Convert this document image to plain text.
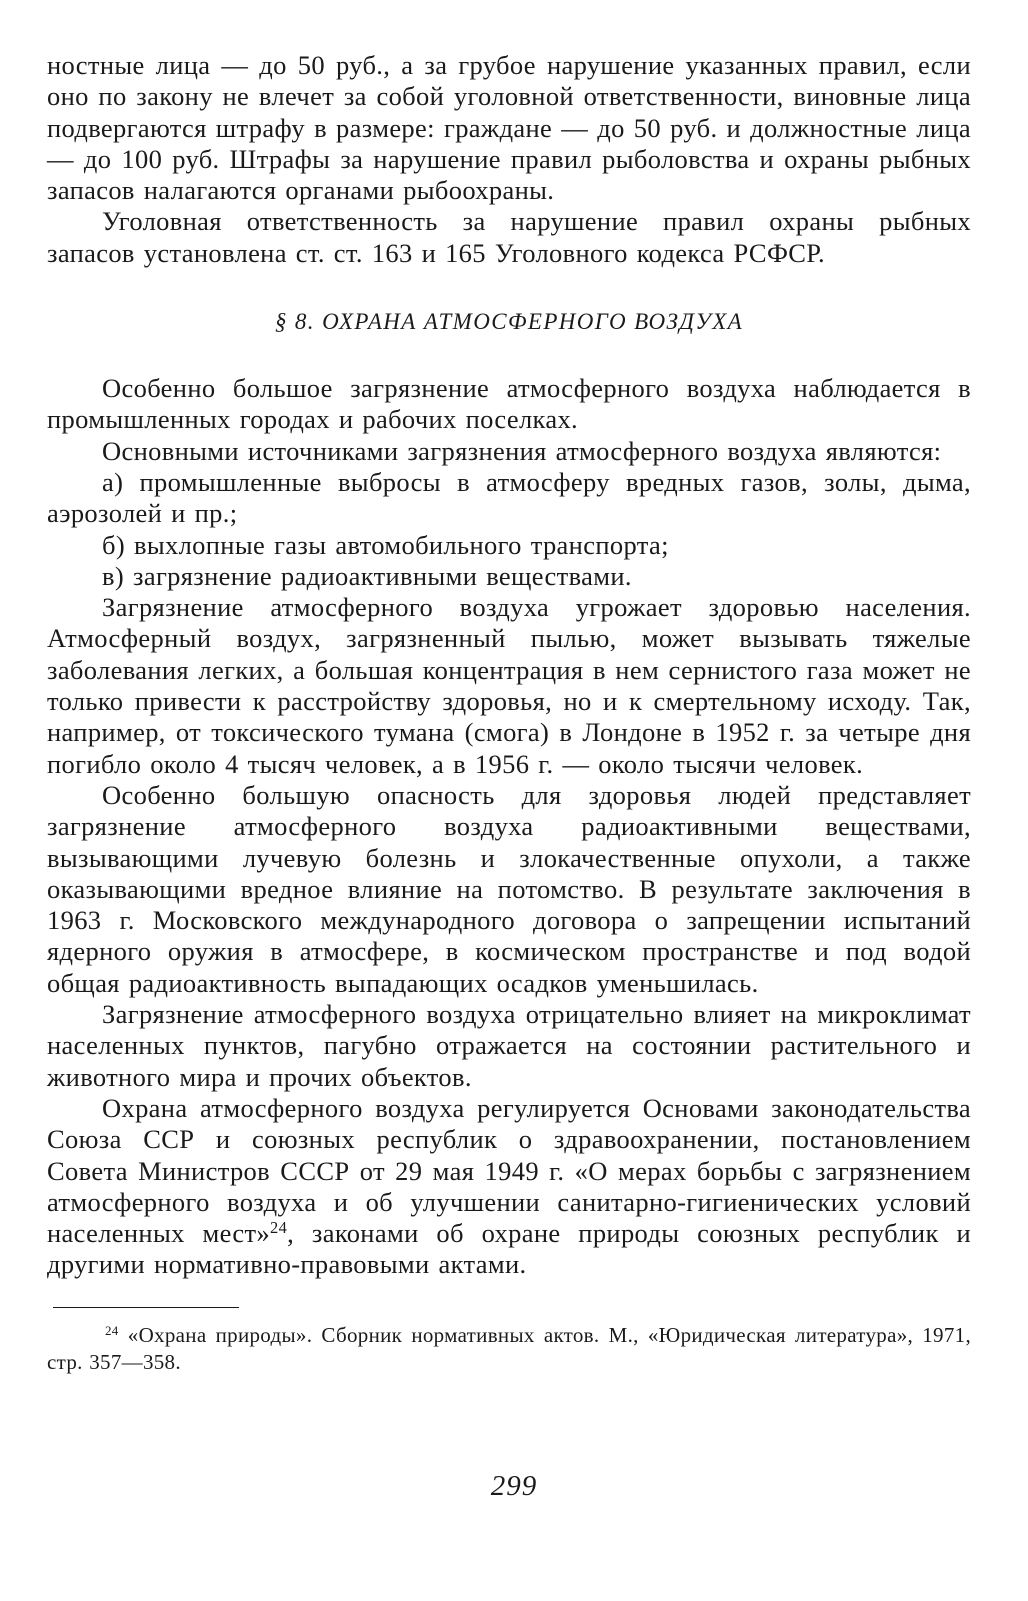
ностные лица — до 50 руб., а за грубое нарушение указанных правил, если оно по закону не влечет за собой уголовной ответственности, виновные лица подвергаются штрафу в размере: граждане — до 50 руб. и должностные лица — до 100 руб. Штрафы за нарушение правил рыболовства и охраны рыбных запасов налагаются органами рыбоохраны.

Уголовная ответственность за нарушение правил охраны рыбных запасов установлена ст. ст. 163 и 165 Уголовного кодекса РСФСР.

§ 8. ОХРАНА АТМОСФЕРНОГО ВОЗДУХА

Особенно большое загрязнение атмосферного воздуха наблюдается в промышленных городах и рабочих поселках.

Основными источниками загрязнения атмосферного воздуха являются:

а) промышленные выбросы в атмосферу вредных газов, золы, дыма, аэрозолей и пр.;

б) выхлопные газы автомобильного транспорта;

в) загрязнение радиоактивными веществами.

Загрязнение атмосферного воздуха угрожает здоровью населения. Атмосферный воздух, загрязненный пылью, может вызывать тяжелые заболевания легких, а большая концентрация в нем сернистого газа может не только привести к расстройству здоровья, но и к смертельному исходу. Так, например, от токсического тумана (смога) в Лондоне в 1952 г. за четыре дня погибло около 4 тысяч человек, а в 1956 г. — около тысячи человек.

Особенно большую опасность для здоровья людей представляет загрязнение атмосферного воздуха радиоактивными веществами, вызывающими лучевую болезнь и злокачественные опухоли, а также оказывающими вредное влияние на потомство. В результате заключения в 1963 г. Московского международного договора о запрещении испытаний ядерного оружия в атмосфере, в космическом пространстве и под водой общая радиоактивность выпадающих осадков уменьшилась.

Загрязнение атмосферного воздуха отрицательно влияет на микроклимат населенных пунктов, пагубно отражается на состоянии растительного и животного мира и прочих объектов.

Охрана атмосферного воздуха регулируется Основами законодательства Союза ССР и союзных республик о здравоохранении, постановлением Совета Министров СССР от 29 мая 1949 г. «О мерах борьбы с загрязнением атмосферного воздуха и об улучшении санитарно-гигиенических условий населенных мест»$^{24}$, законами об охране природы союзных республик и другими нормативно-правовыми актами.

$^{24}$ «Охрана природы». Сборник нормативных актов. М., «Юридическая литература», 1971, стр. 357—358.

299
